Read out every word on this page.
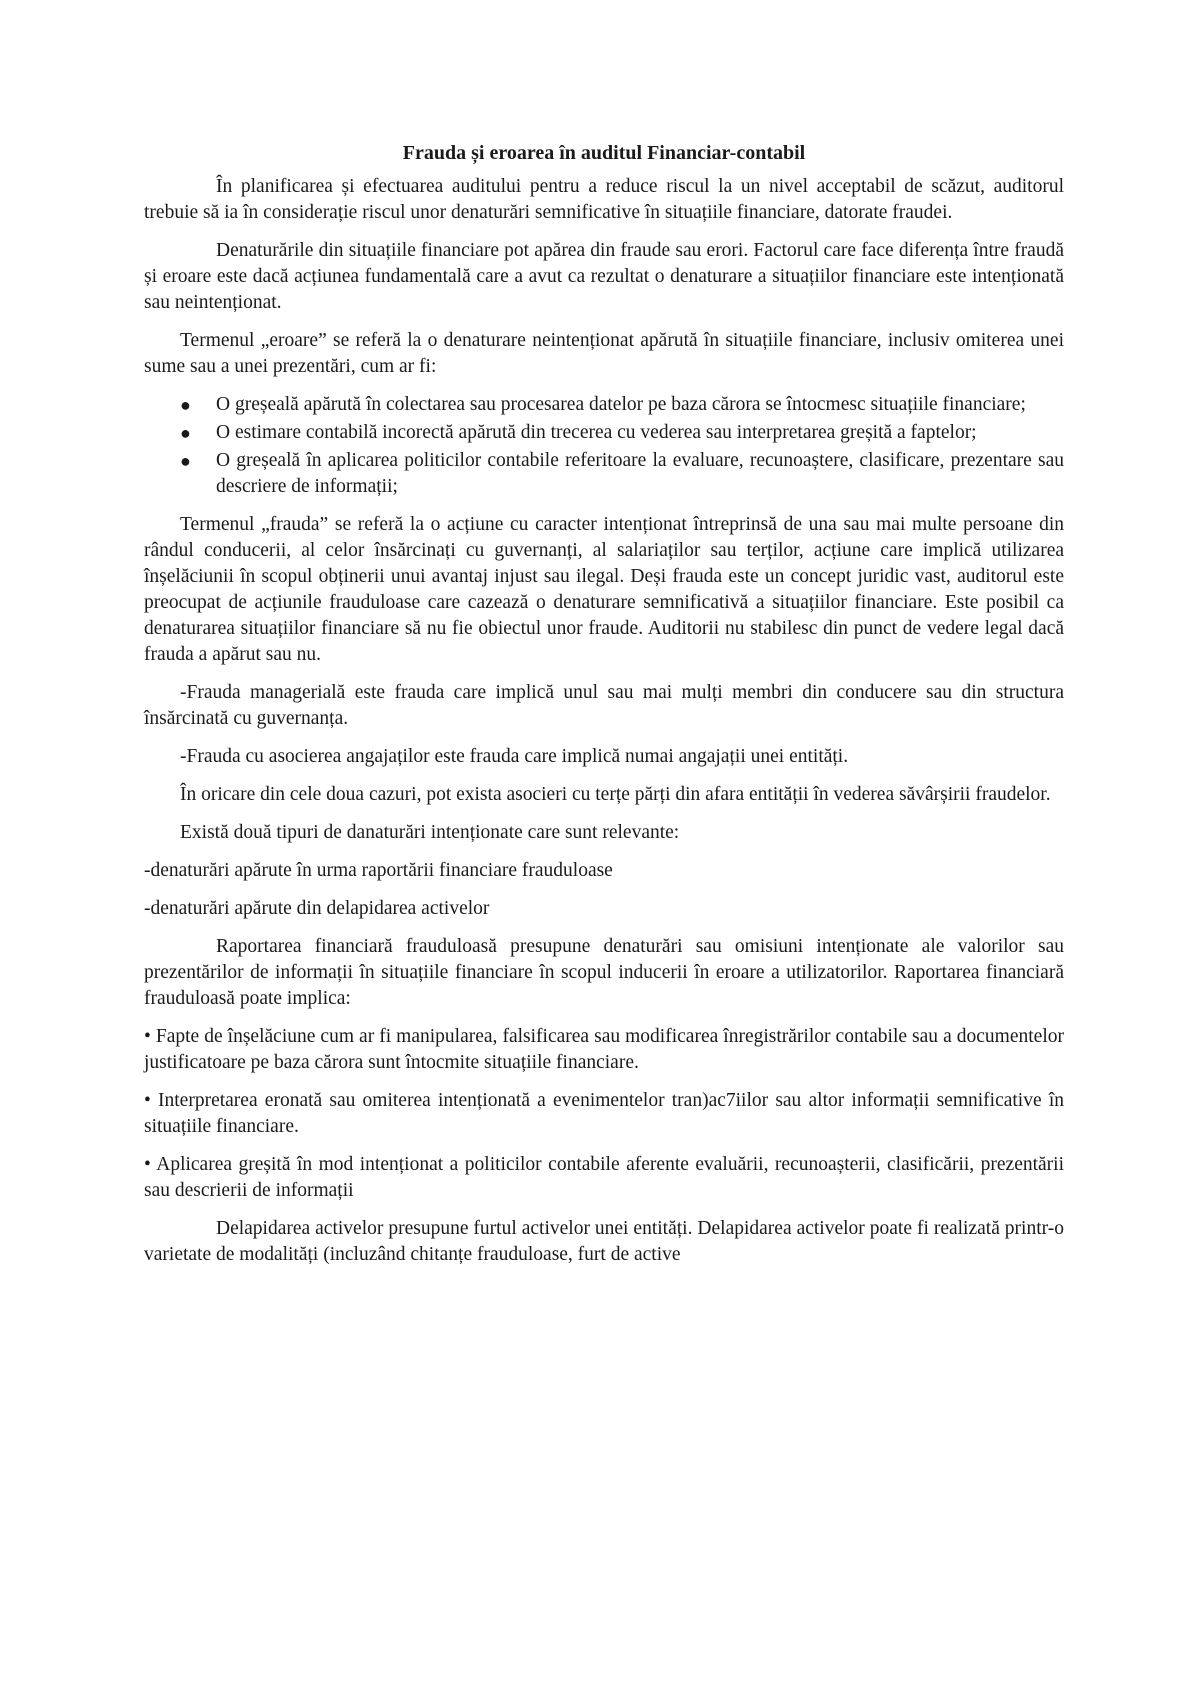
Frauda și eroarea în auditul Financiar-contabil

În planificarea și efectuarea auditului pentru a reduce riscul la un nivel acceptabil de scăzut, auditorul trebuie să ia în considerație riscul unor denaturări semnificative în situațiile financiare, datorate fraudei.

Denaturările din situațiile financiare pot apărea din fraude sau erori. Factorul care face diferența între fraudă și eroare este dacă acțiunea fundamentală care a avut ca rezultat o denaturare a situațiilor financiare este intenționată sau neintenționat.

Termenul „eroare” se referă la o denaturare neintenționat apărută în situațiile financiare, inclusiv omiterea unei sume sau a unei prezentări, cum ar fi:

● O greșeală apărută în colectarea sau procesarea datelor pe baza cărora se întocmesc situațiile financiare;
● O estimare contabilă incorectă apărută din trecerea cu vederea sau interpretarea greșită a faptelor;
● O greșeală în aplicarea politicilor contabile referitoare la evaluare, recunoaștere, clasificare, prezentare sau descriere de informații;

Termenul „frauda” se referă la o acțiune cu caracter intenționat întreprinsă de una sau mai multe persoane din rândul conducerii, al celor însărcinați cu guvernanți, al salariaților sau terților, acțiune care implică utilizarea înșelăciunii în scopul obținerii unui avantaj injust sau ilegal. Deși frauda este un concept juridic vast, auditorul este preocupat de acțiunile frauduloase care cazează o denaturare semnificativă a situațiilor financiare. Este posibil ca denaturarea situațiilor financiare să nu fie obiectul unor fraude. Auditorii nu stabilesc din punct de vedere legal dacă frauda a apărut sau nu.

-Frauda managerială este frauda care implică unul sau mai mulți membri din conducere sau din structura însărcinată cu guvernanța.

-Frauda cu asocierea angajaților este frauda care implică numai angajații unei entități.

În oricare din cele doua cazuri, pot exista asocieri cu terțe părți din afara entității în vederea săvârșirii fraudelor.

Există două tipuri de danaturări intenționate care sunt relevante:

-denaturări apărute în urma raportării financiare frauduloase

-denaturări apărute din delapidarea activelor

Raportarea financiară frauduloasă presupune denaturări sau omisiuni intenționate ale valorilor sau prezentărilor de informații în situațiile financiare în scopul inducerii în eroare a utilizatorilor. Raportarea financiară frauduloasă poate implica:

• Fapte de înșelăciune cum ar fi manipularea, falsificarea sau modificarea înregistrărilor contabile sau a documentelor justificatoare pe baza cărora sunt întocmite situațiile financiare.

• Interpretarea eronată sau omiterea intenționată a evenimentelor tran)ac7iilor sau altor informații semnificative în situațiile financiare.

• Aplicarea greșită în mod intenționat a politicilor contabile aferente evaluării, recunoașterii, clasificării, prezentării sau descrierii de informații

Delapidarea activelor presupune furtul activelor unei entități. Delapidarea activelor poate fi realizată printr-o varietate de modalități (incluzând chitanțe frauduloase, furt de active
